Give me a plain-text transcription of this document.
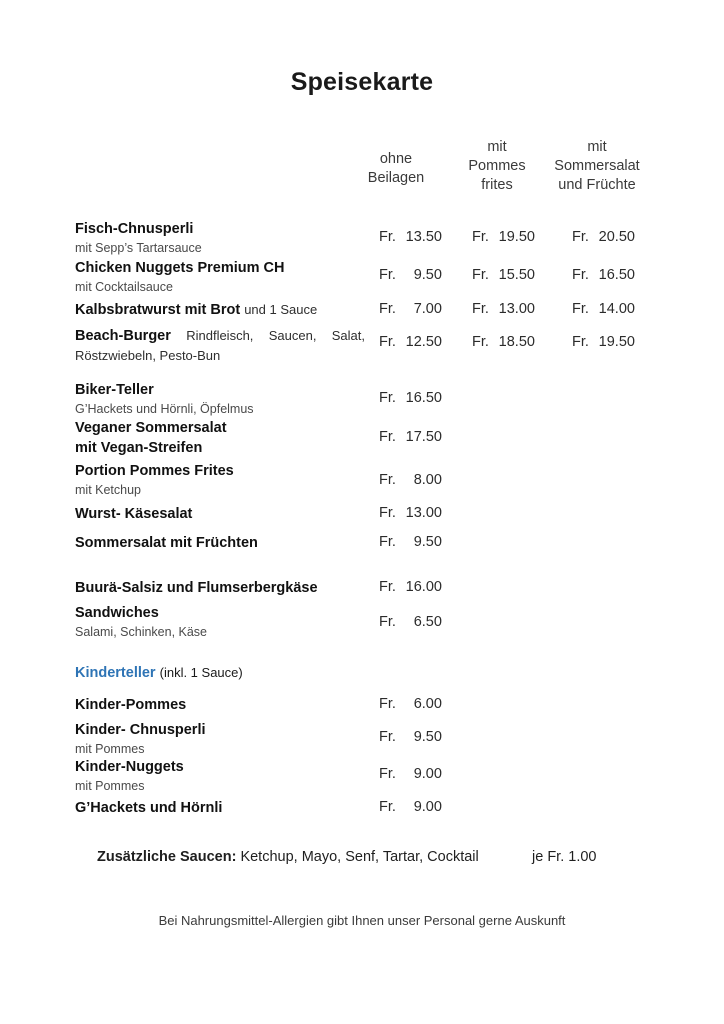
Speisekarte
ohne
Beilagen
mit
Pommes
frites
mit
Sommersalat
und Früchte
Fisch-Chnusperli
mit Sepp’s Tartarsauce
Fr. 13.50 Fr. 19.50	Fr. 20.50
Chicken Nuggets Premium CH
mit Cocktailsauce
Fr. 9.50 Fr. 15.50	Fr. 16.50
Kalbsbratwurst mit Brot und 1 Sauce	Fr. 7.00 Fr. 13.00	Fr. 14.00
Beach-Burger Rindfleisch, Saucen, Salat, Röstzwiebeln, Pesto-Bun
Fr. 12.50 Fr. 18.50	Fr. 19.50
Biker-Teller
G’Hackets und Hörnli, Öpfelmus
Fr. 16.50
Veganer Sommersalat
mit Vegan-Streifen
Fr. 17.50
Portion Pommes Frites
mit Ketchup
Fr. 8.00
Wurst- Käsesalat	Fr. 13.00
Sommersalat mit Früchten	Fr. 9.50
Buurä-Salsiz und Flumserbergkäse	Fr. 16.00
Sandwiches
Salami, Schinken, Käse
Fr. 6.50
Kinderteller (inkl. 1 Sauce)
Kinder-Pommes	Fr. 6.00
Kinder- Chnusperli
mit Pommes
Fr. 9.50
Kinder-Nuggets
mit Pommes
Fr. 9.00
G’Hackets und Hörnli	Fr. 9.00
Zusätzliche Saucen: Ketchup, Mayo, Senf, Tartar, Cocktail	je Fr. 1.00
Bei Nahrungsmittel-Allergien gibt Ihnen unser Personal gerne Auskunft
